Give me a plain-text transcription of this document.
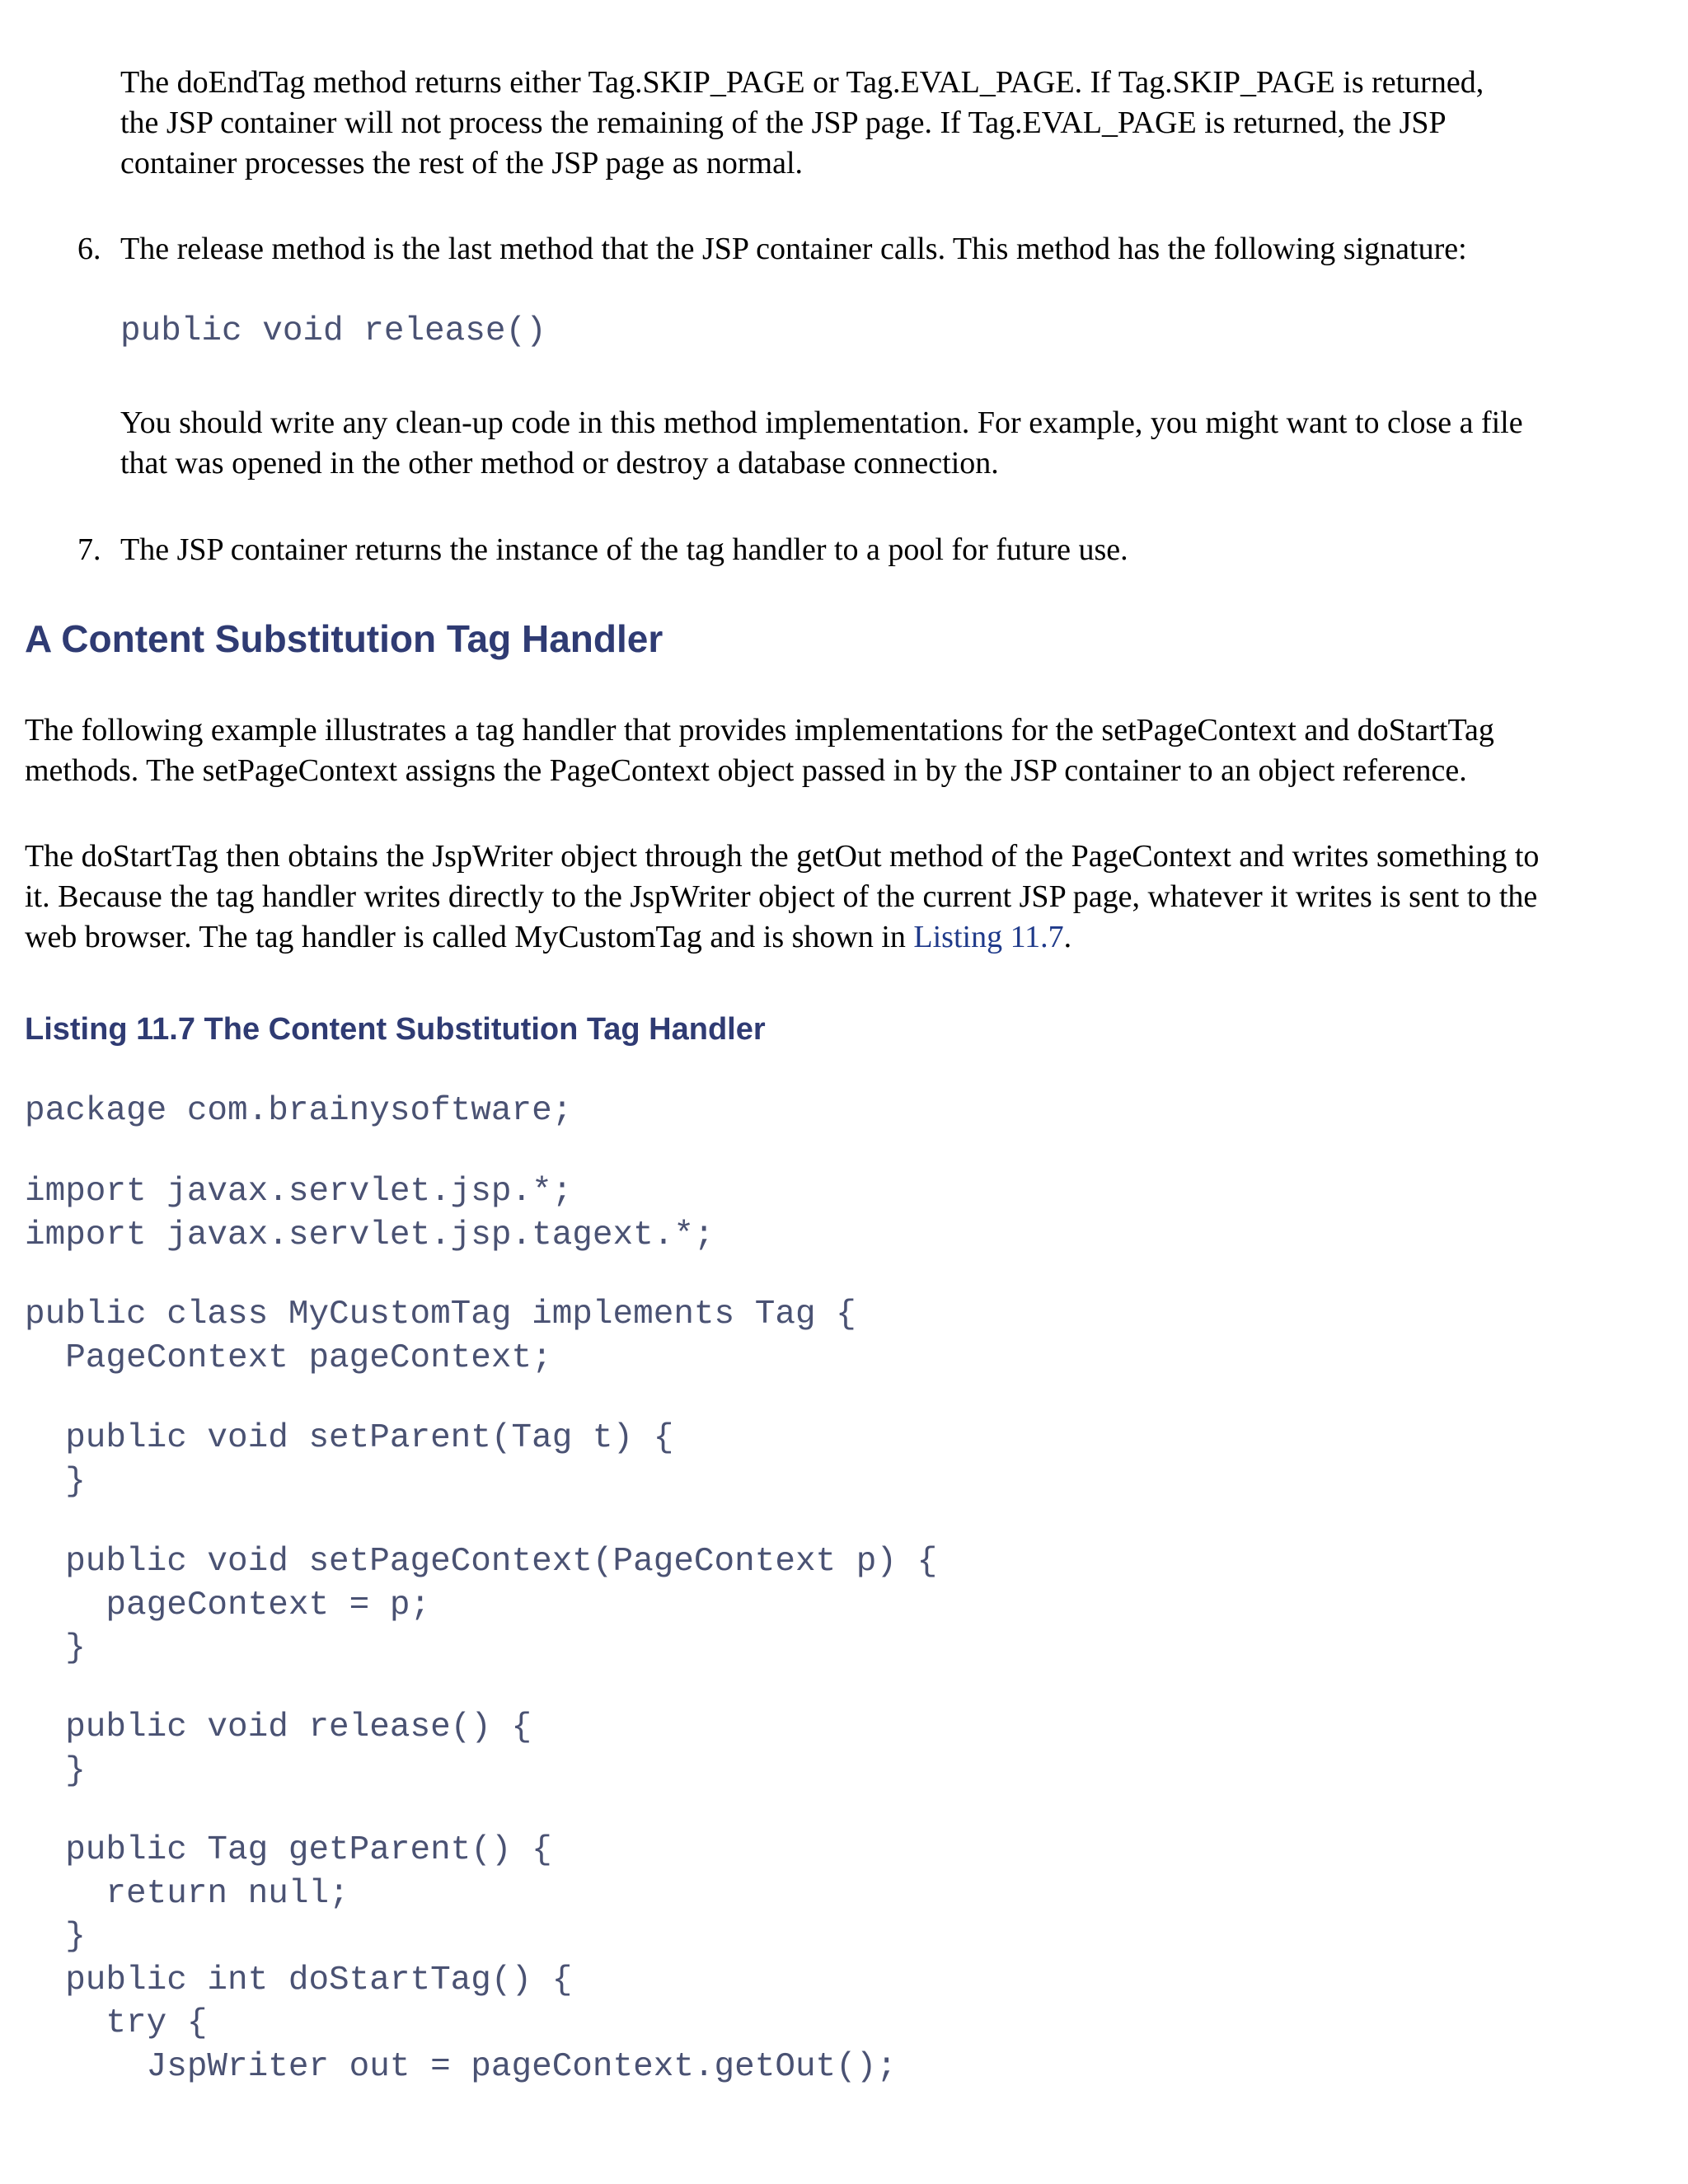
The doEndTag method returns either Tag.SKIP_PAGE or Tag.EVAL_PAGE. If Tag.SKIP_PAGE is returned,
the JSP container will not process the remaining of the JSP page. If Tag.EVAL_PAGE is returned, the JSP
container processes the rest of the JSP page as normal.

6. The release method is the last method that the JSP container calls. This method has the following signature:

public void release()

You should write any clean-up code in this method implementation. For example, you might want to close a file
that was opened in the other method or destroy a database connection.

7. The JSP container returns the instance of the tag handler to a pool for future use.

A Content Substitution Tag Handler

The following example illustrates a tag handler that provides implementations for the setPageContext and doStartTag
methods. The setPageContext assigns the PageContext object passed in by the JSP container to an object reference.

The doStartTag then obtains the JspWriter object through the getOut method of the PageContext and writes something to
it. Because the tag handler writes directly to the JspWriter object of the current JSP page, whatever it writes is sent to the
web browser. The tag handler is called MyCustomTag and is shown in Listing 11.7.

Listing 11.7 The Content Substitution Tag Handler
package com.brainysoftware;
import javax.servlet.jsp.*;
import javax.servlet.jsp.tagext.*;
public class MyCustomTag implements Tag {
PageContext pageContext;
public void setParent(Tag t) {
}
public void setPageContext(PageContext p) {
pageContext = p;
}
public void release() {
}
public Tag getParent() {
return null;
}
public int doStartTag() {
try {
JspWriter out = pageContext.getOut();
